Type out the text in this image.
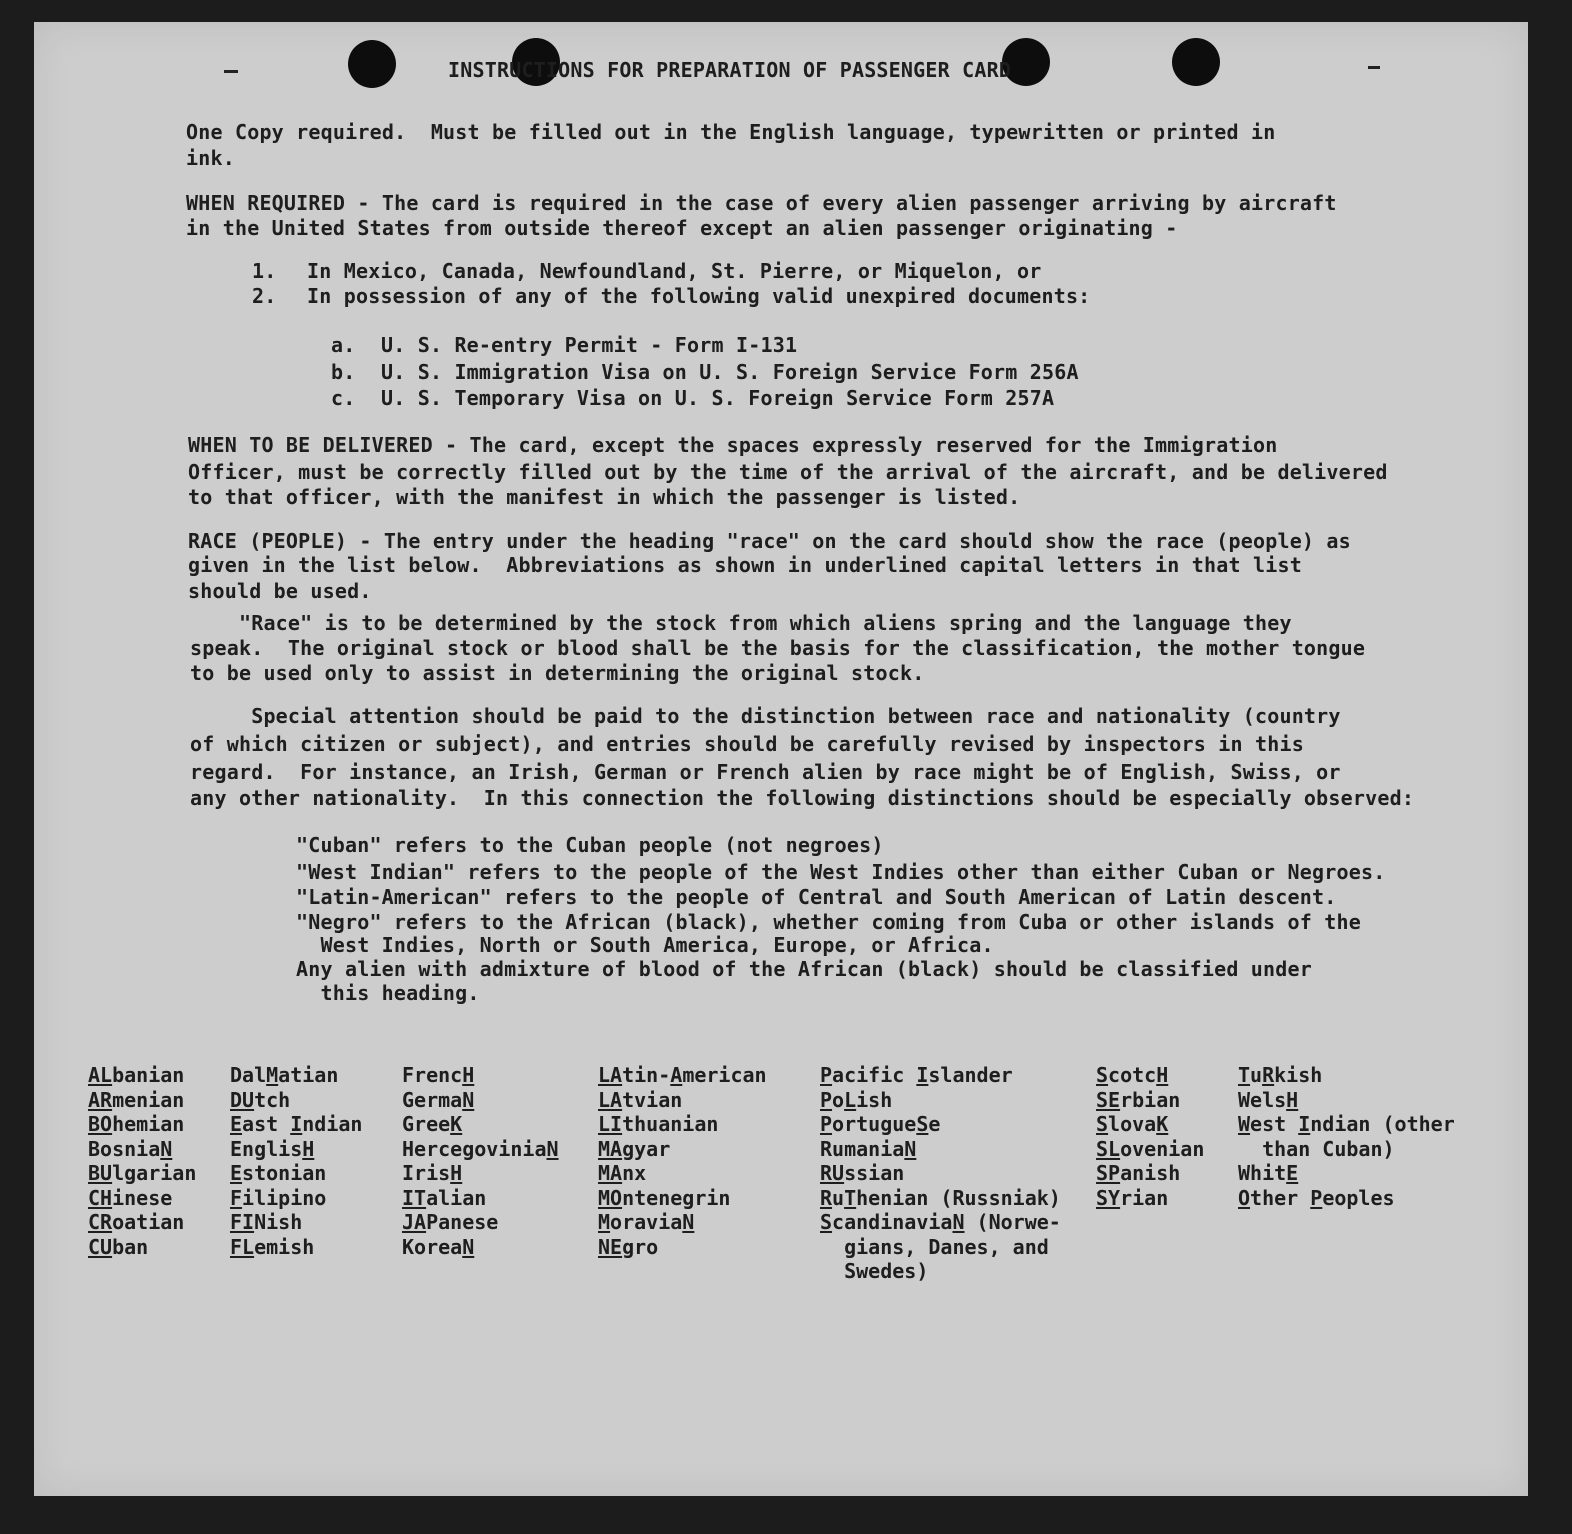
INSTRUCTIONS FOR PREPARATION OF PASSENGER CARD
One Copy required.  Must be filled out in the English language, typewritten or printed in
ink.
WHEN REQUIRED - The card is required in the case of every alien passenger arriving by aircraft
in the United States from outside thereof except an alien passenger originating -
1. In Mexico, Canada, Newfoundland, St. Pierre, or Miquelon, or
2. In possession of any of the following valid unexpired documents:
a. U. S. Re-entry Permit - Form I-131
b. U. S. Immigration Visa on U. S. Foreign Service Form 256A
c. U. S. Temporary Visa on U. S. Foreign Service Form 257A
WHEN TO BE DELIVERED - The card, except the spaces expressly reserved for the Immigration
Officer, must be correctly filled out by the time of the arrival of the aircraft, and be delivered
to that officer, with the manifest in which the passenger is listed.
RACE (PEOPLE) - The entry under the heading "race" on the card should show the race (people) as
given in the list below.  Abbreviations as shown in underlined capital letters in that list
should be used.
"Race" is to be determined by the stock from which aliens spring and the language they
speak.  The original stock or blood shall be the basis for the classification, the mother tongue
to be used only to assist in determining the original stock.
Special attention should be paid to the distinction between race and nationality (country
of which citizen or subject), and entries should be carefully revised by inspectors in this
regard.  For instance, an Irish, German or French alien by race might be of English, Swiss, or
any other nationality.  In this connection the following distinctions should be especially observed:
"Cuban" refers to the Cuban people (not negroes)
"West Indian" refers to the people of the West Indies other than either Cuban or Negroes.
"Latin-American" refers to the people of Central and South American of Latin descent.
"Negro" refers to the African (black), whether coming from Cuba or other islands of the
West Indies, North or South America, Europe, or Africa.
Any alien with admixture of blood of the African (black) should be classified under
this heading.
ALbanian
ARmenian
BOhemian
BosniaN
BUlgarian
CHinese
CRoatian
CUban
DalMatian
DUtch
East Indian
EnglisH
Estonian
Filipino
FINish
FLemish
FrencH
GermaN
GreeK
HercegoviniaN
IrisH
ITalian
JAPanese
KoreaN
LAtin-American
LAtvian
LIthuanian
MAgyar
MAnx
MOntenegrin
MoraviaN
NEgro
Pacific Islander
PoLish
PortugueSe
RumaniaN
RUssian
RuThenian (Russniak)
ScandinaviaN (Norwe-
gians, Danes, and
Swedes)
ScotcH
SErbian
SlovaK
SLovenian
SPanish
SYrian
TuRkish
WelsH
West Indian (other
than Cuban)
WhitE
Other Peoples
